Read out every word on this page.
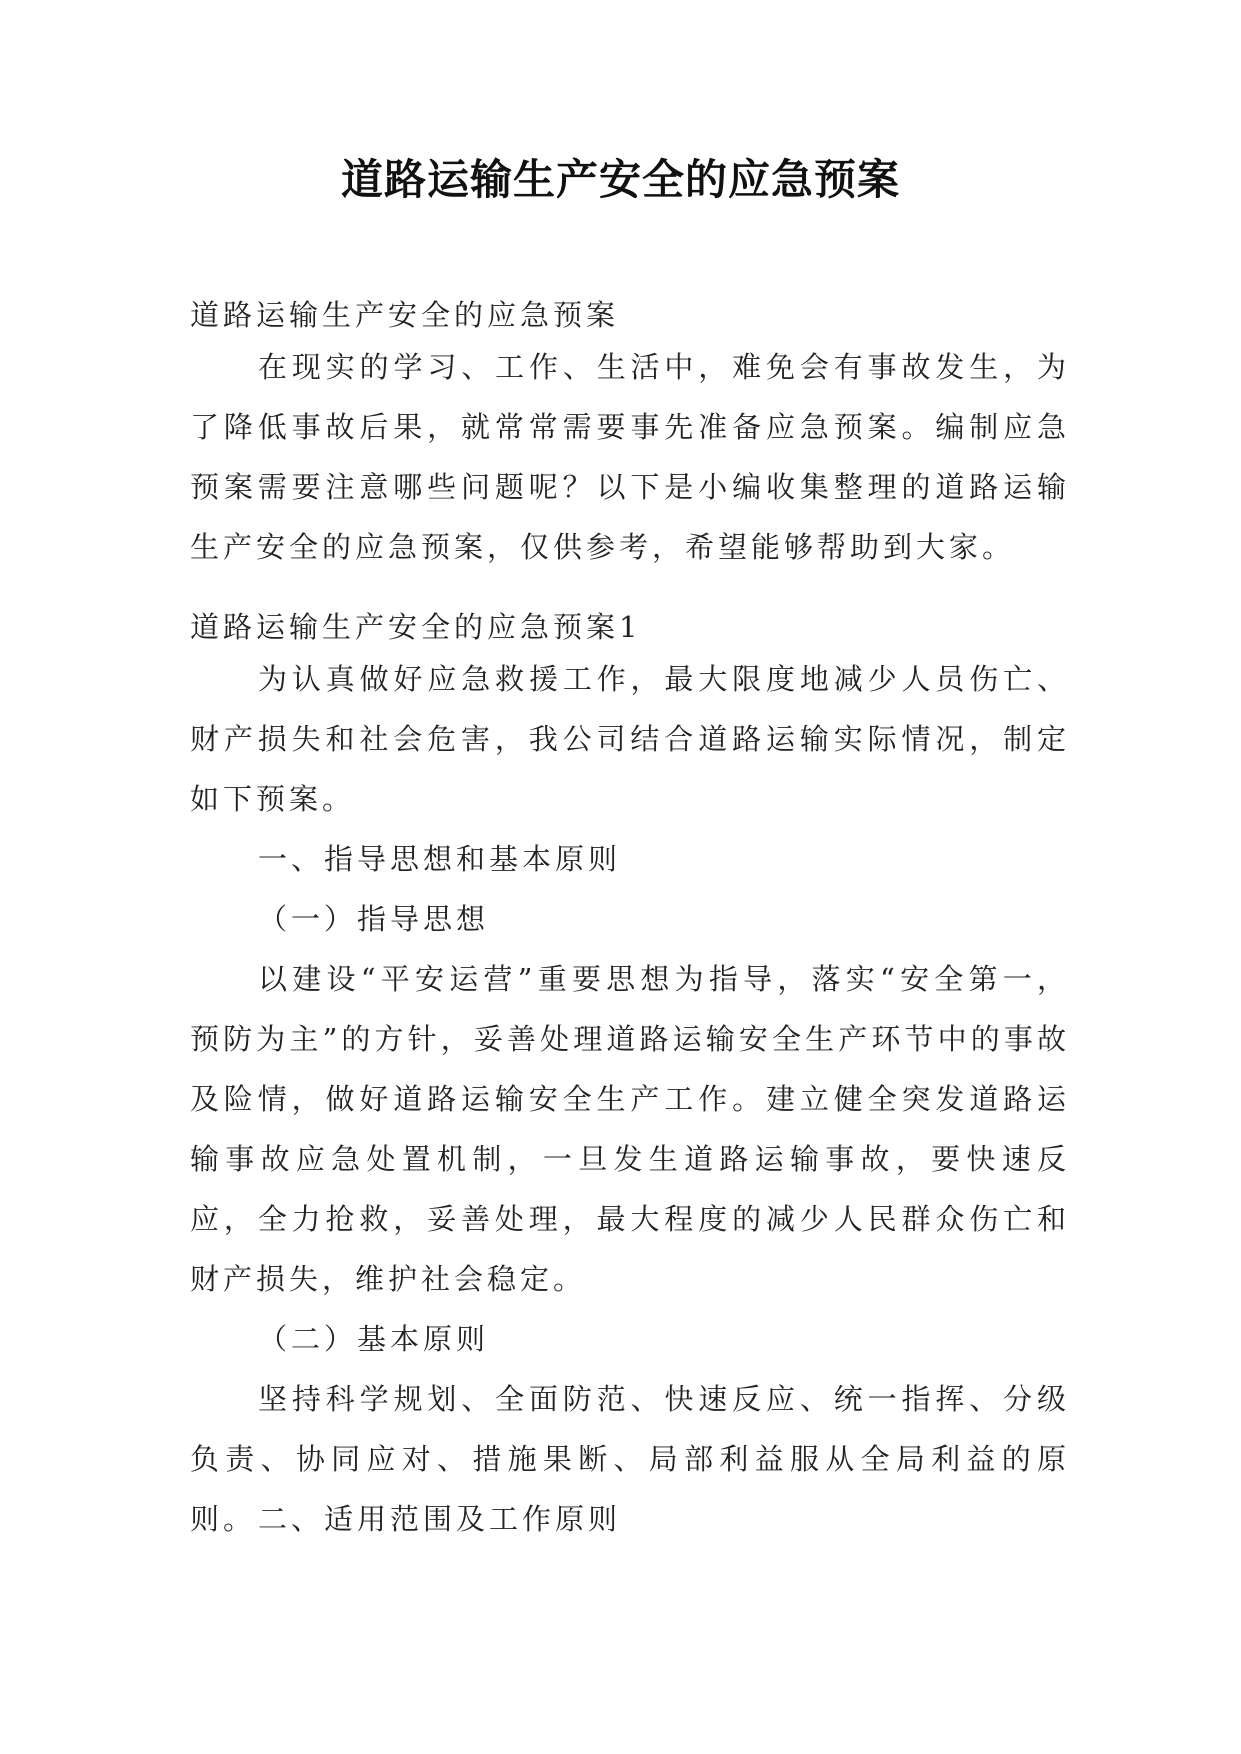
道路运输生产安全的应急预案

道路运输生产安全的应急预案

在现实的学习、工作、生活中，难免会有事故发生，为了降低事故后果，就常常需要事先准备应急预案。编制应急预案需要注意哪些问题呢？以下是小编收集整理的道路运输生产安全的应急预案，仅供参考，希望能够帮助到大家。

道路运输生产安全的应急预案1

为认真做好应急救援工作，最大限度地减少人员伤亡、财产损失和社会危害，我公司结合道路运输实际情况，制定如下预案。

一、指导思想和基本原则

（一）指导思想

以建设“平安运营”重要思想为指导，落实“安全第一，预防为主”的方针，妥善处理道路运输安全生产环节中的事故及险情，做好道路运输安全生产工作。建立健全突发道路运输事故应急处置机制，一旦发生道路运输事故，要快速反应，全力抢救，妥善处理，最大程度的减少人民群众伤亡和财产损失，维护社会稳定。

（二）基本原则

坚持科学规划、全面防范、快速反应、统一指挥、分级负责、协同应对、措施果断、局部利益服从全局利益的原则。 二、适用范围及工作原则
